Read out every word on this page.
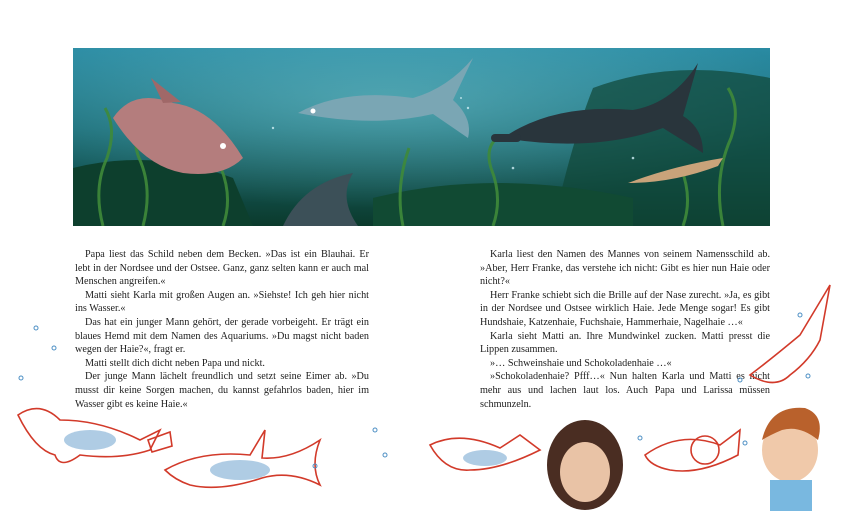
Papa liest das Schild neben dem Becken. »Das ist ein Blauhai. Er lebt in der Nordsee und der Ostsee. Ganz, ganz selten kann er auch mal Menschen angreifen.«

Matti sieht Karla mit großen Augen an. »Siehste! Ich geh hier nicht ins Wasser.«

Das hat ein junger Mann gehört, der gerade vorbeigeht. Er trägt ein blaues Hemd mit dem Namen des Aquariums. »Du magst nicht baden wegen der Haie?«, fragt er.

Matti stellt dich dicht neben Papa und nickt.

Der junge Mann lächelt freundlich und setzt seine Eimer ab. »Du musst dir keine Sorgen machen, du kannst gefahrlos baden, hier im Wasser gibt es keine Haie.«

Karla liest den Namen des Mannes von seinem Namensschild ab. »Aber, Herr Franke, das verstehe ich nicht: Gibt es hier nun Haie oder nicht?«

Herr Franke schiebt sich die Brille auf der Nase zurecht. »Ja, es gibt in der Nordsee und Ostsee wirklich Haie. Jede Menge sogar! Es gibt Hundshaie, Katzenhaie, Fuchshaie, Hammerhaie, Nagelhaie …«

Karla sieht Matti an. Ihre Mundwinkel zucken. Matti presst die Lippen zusammen.

»… Schweinshaie und Schokoladenhaie …«

»Schokoladenhaie? Pfff…« Nun halten Karla und Matti es nicht mehr aus und lachen laut los. Auch Papa und Larissa müssen schmunzeln.
